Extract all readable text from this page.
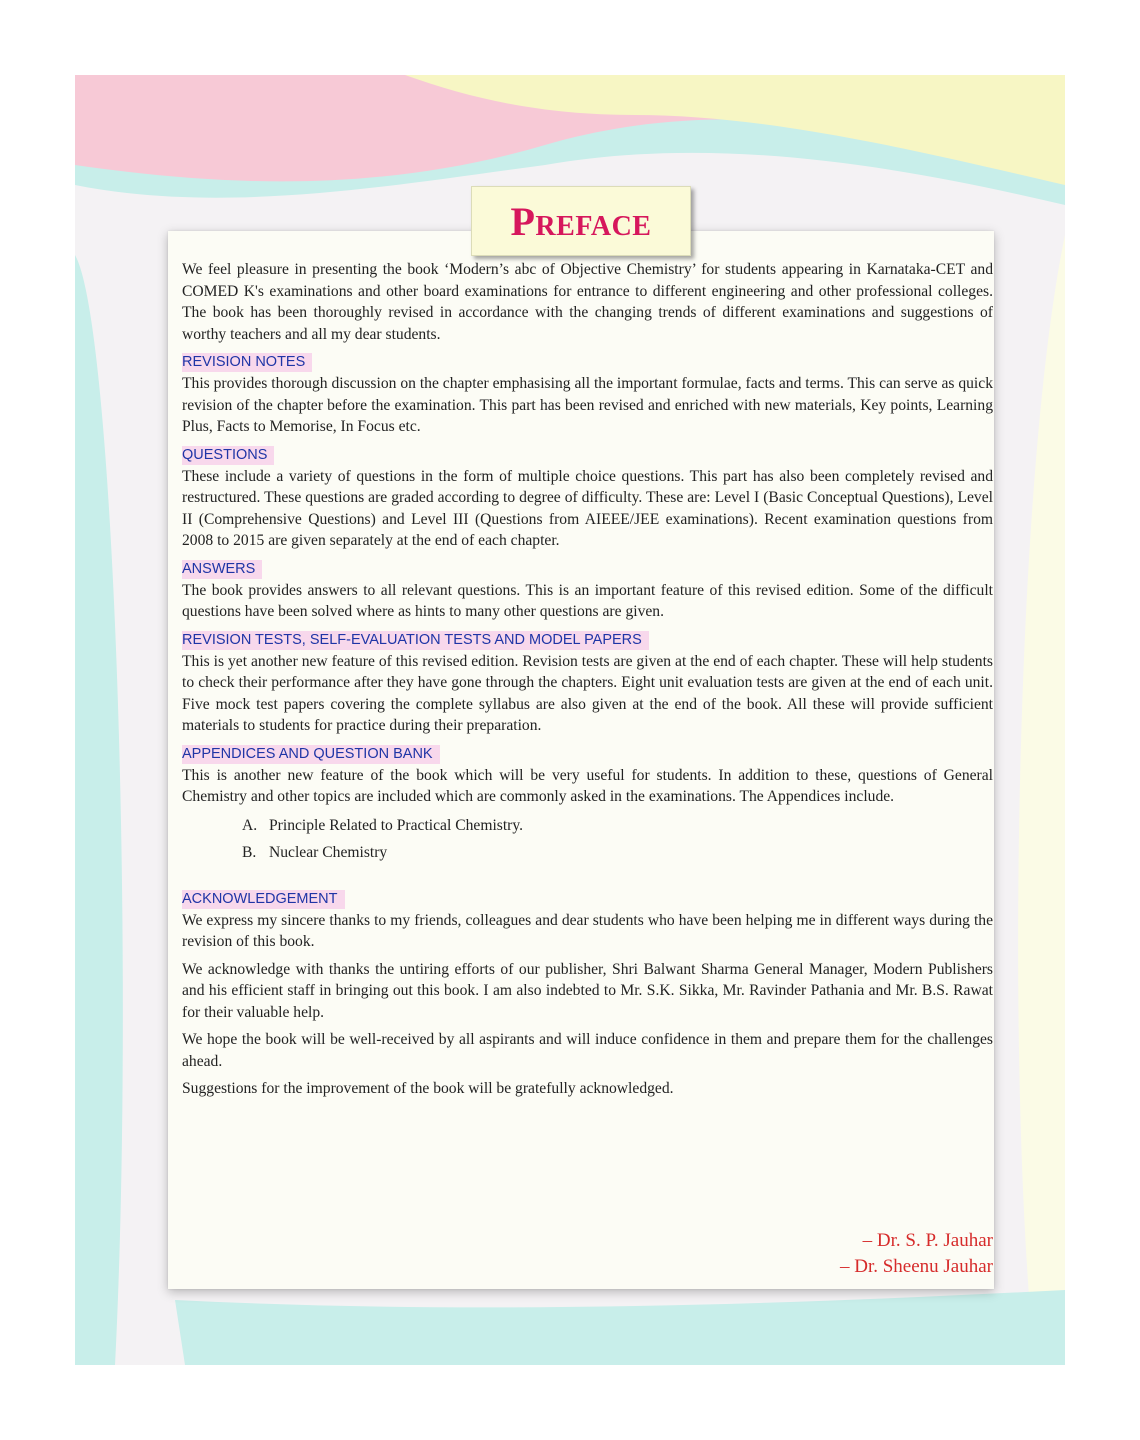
Preface

We feel pleasure in presenting the book ‘Modern’s abc of Objective Chemistry’ for students appearing in Karnataka-CET and COMED K's examinations and other board examinations for entrance to different engineering and other professional colleges. The book has been thoroughly revised in accordance with the changing trends of different examinations and suggestions of worthy teachers and all my dear students.

REVISION NOTES

This provides thorough discussion on the chapter emphasising all the important formulae, facts and terms. This can serve as quick revision of the chapter before the examination. This part has been revised and enriched with new materials, Key points, Learning Plus, Facts to Memorise, In Focus etc.

QUESTIONS

These include a variety of questions in the form of multiple choice questions. This part has also been completely revised and restructured. These questions are graded according to degree of difficulty. These are: Level I (Basic Conceptual Questions), Level II (Comprehensive Questions) and Level III (Questions from AIEEE/JEE examinations). Recent examination questions from 2008 to 2015 are given separately at the end of each chapter.

ANSWERS

The book provides answers to all relevant questions. This is an important feature of this revised edition. Some of the difficult questions have been solved where as hints to many other questions are given.

REVISION TESTS, SELF-EVALUATION TESTS AND MODEL PAPERS

This is yet another new feature of this revised edition. Revision tests are given at the end of each chapter. These will help students to check their performance after they have gone through the chapters. Eight unit evaluation tests are given at the end of each unit. Five mock test papers covering the complete syllabus are also given at the end of the book. All these will provide sufficient materials to students for practice during their preparation.

APPENDICES AND QUESTION BANK

This is another new feature of the book which will be very useful for students. In addition to these, questions of General Chemistry and other topics are included which are commonly asked in the examinations. The Appendices include.

A. Principle Related to Practical Chemistry.
B. Nuclear Chemistry
ACKNOWLEDGEMENT

We express my sincere thanks to my friends, colleagues and dear students who have been helping me in different ways during the revision of this book.

We acknowledge with thanks the untiring efforts of our publisher, Shri Balwant Sharma General Manager, Modern Publishers and his efficient staff in bringing out this book. I am also indebted to Mr. S.K. Sikka, Mr. Ravinder Pathania and Mr. B.S. Rawat for their valuable help.

We hope the book will be well-received by all aspirants and will induce confidence in them and prepare them for the challenges ahead.

Suggestions for the improvement of the book will be gratefully acknowledged.

– Dr. S. P. Jauhar
– Dr. Sheenu Jauhar
